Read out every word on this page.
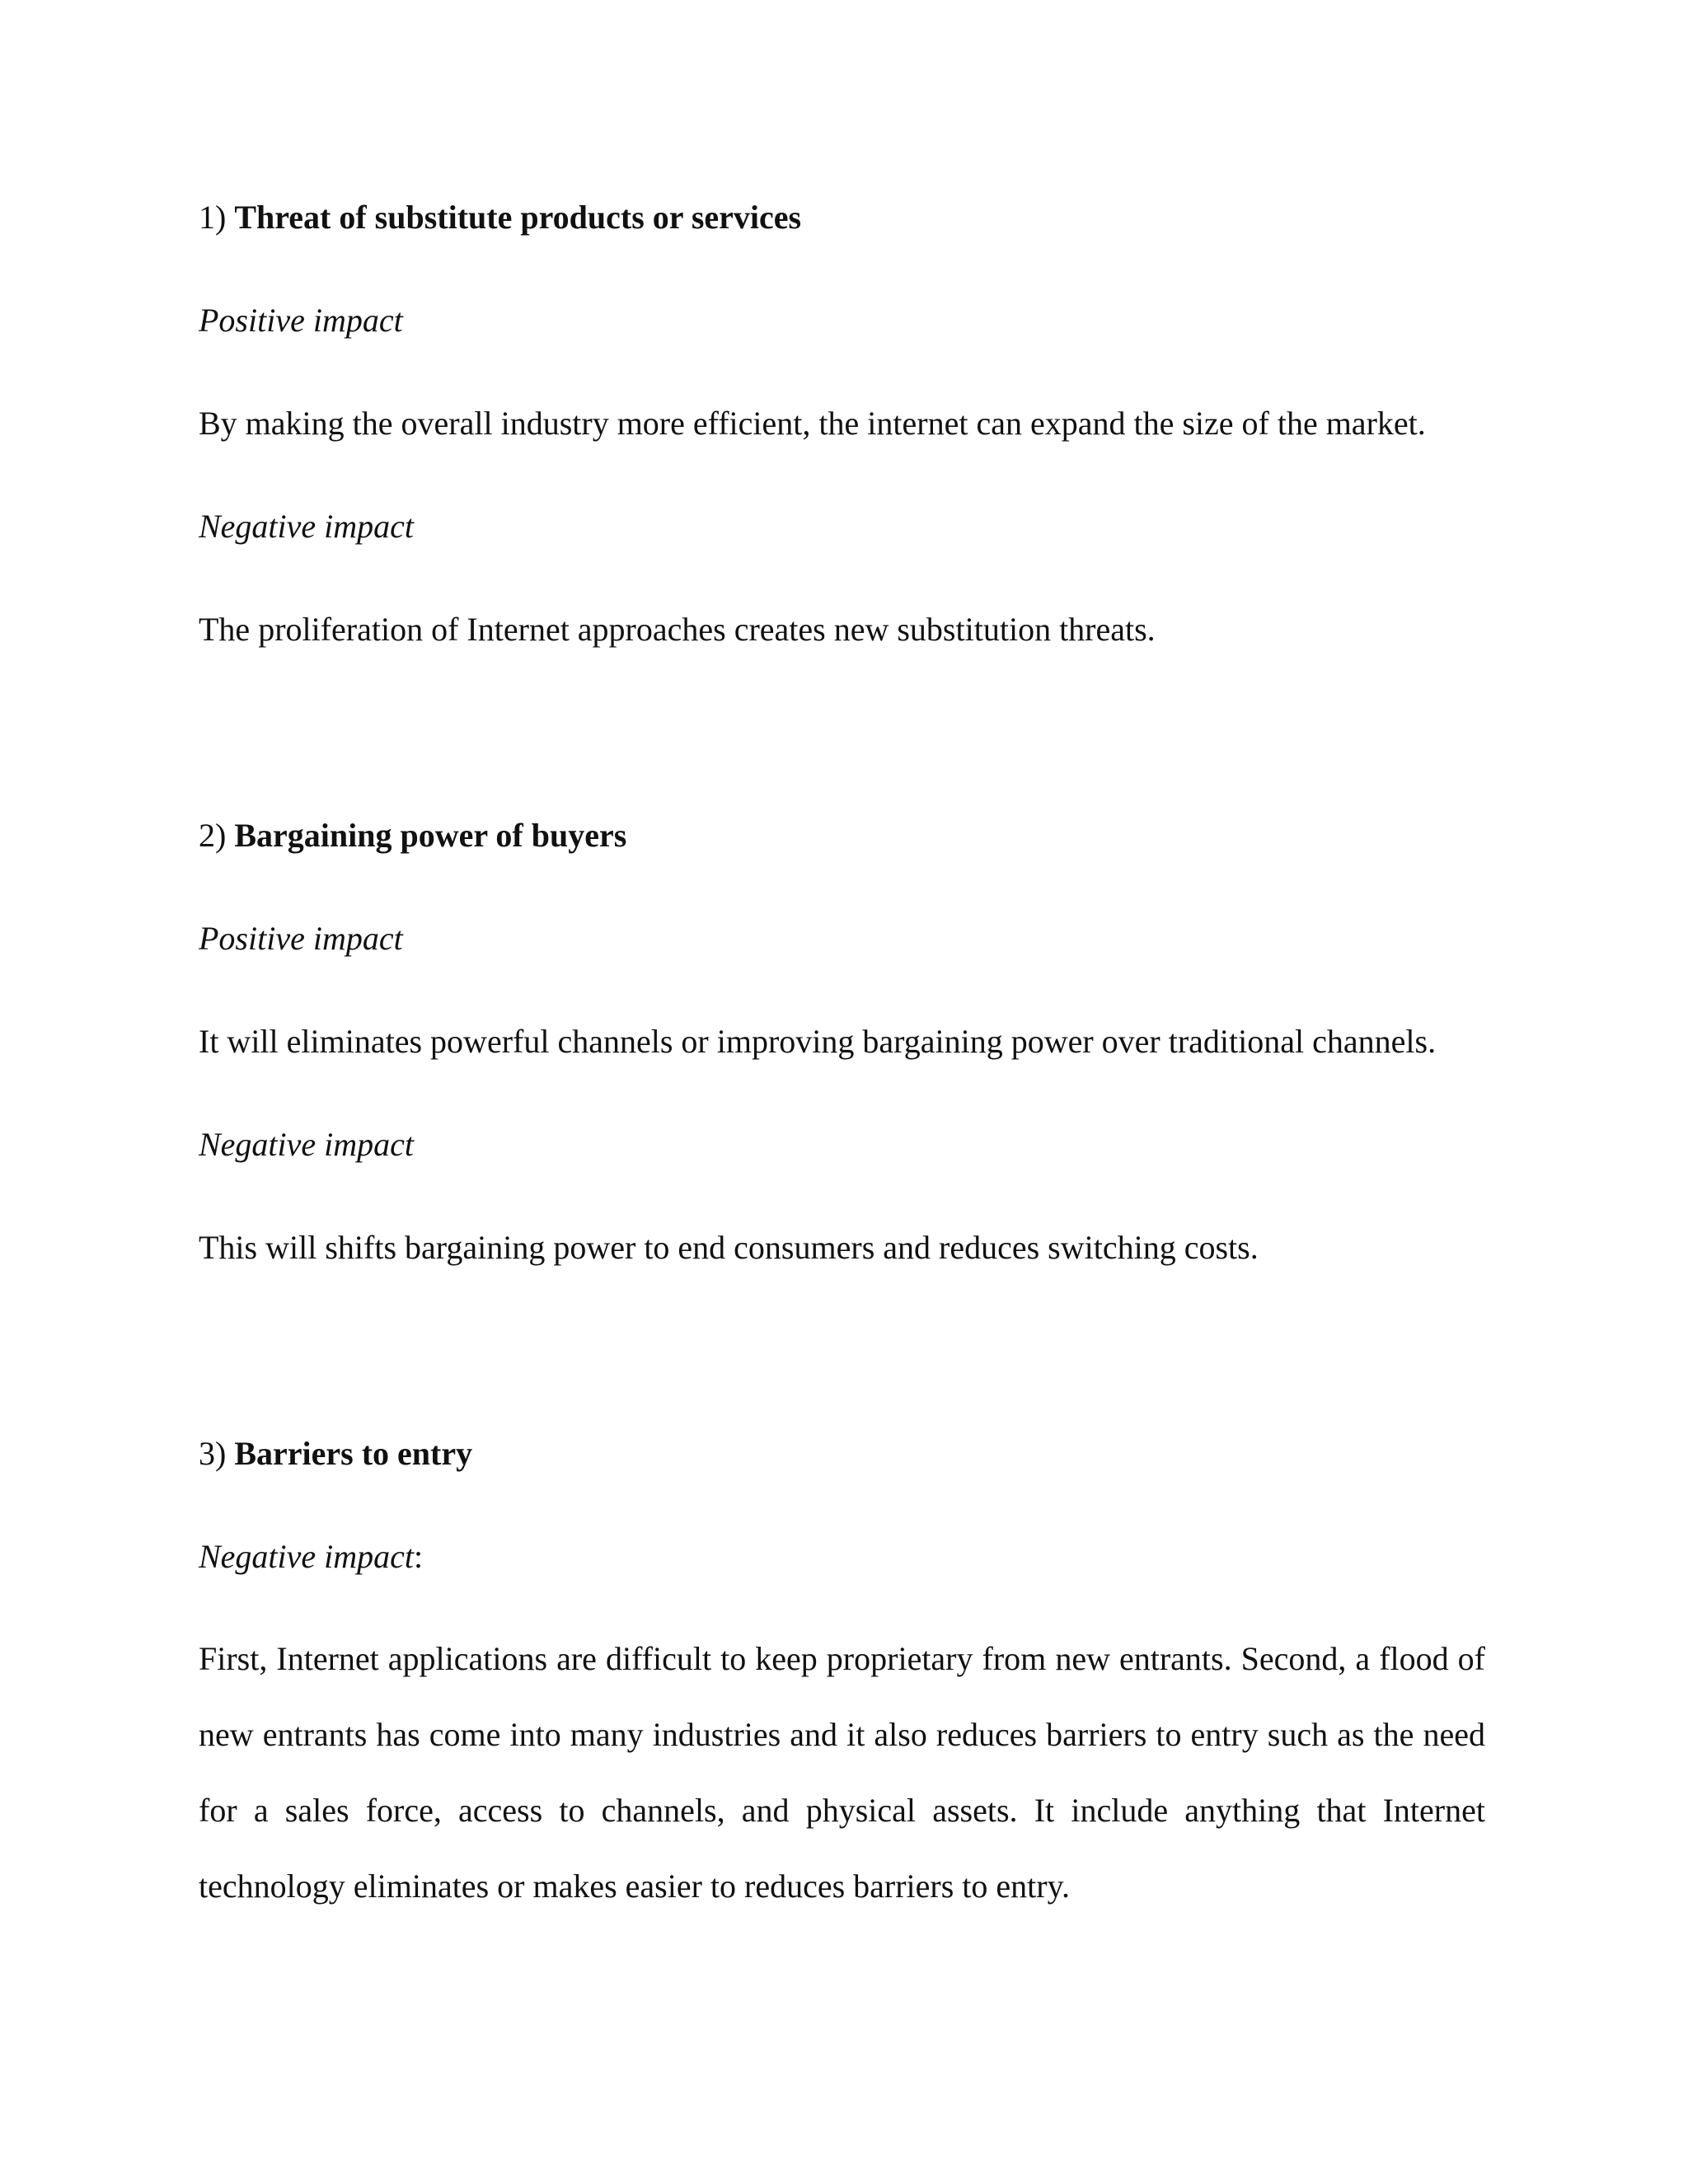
1) Threat of substitute products or services

Positive impact

By making the overall industry more efficient, the internet can expand the size of the market.

Negative impact

The proliferation of Internet approaches creates new substitution threats.

2) Bargaining power of buyers

Positive impact

It will eliminates powerful channels or improving bargaining power over traditional channels.

Negative impact

This will shifts bargaining power to end consumers and reduces switching costs.

3) Barriers to entry

Negative impact:

First, Internet applications are difficult to keep proprietary from new entrants. Second, a flood of
new entrants has come into many industries and it also reduces barriers to entry such as the need
for a sales force, access to channels, and physical assets. It include anything that Internet
technology eliminates or makes easier to reduces barriers to entry.
